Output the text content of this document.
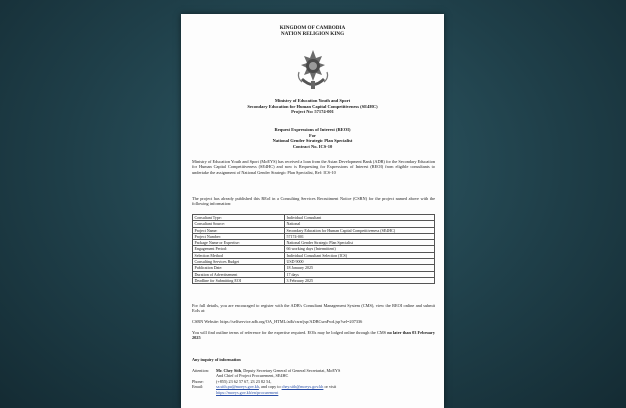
KINGDOM OF CAMBODIA
NATION RELIGION KING
Ministry of Education Youth and Sport
Secondary Education for Human Capital Competitiveness (SE4HC)
Project No: 57174-001
Request Expressions of Interest (REOI)
For
National Gender Strategic Plan Specialist
Contract No. ICS-10
Ministry of Education Youth and Sport (MoEYS) has received a loan from the Asian Development Bank (ADB) for the Secondary Education for Human Capital Competitiveness (SE4HC) and now is Requesting for Expressions of Interest (REOI) from eligible consultants to undertake the assignment of National Gender Strategic Plan Specialist, Ref: ICS-10
The project has already published this REoI in a Consulting Services Recruitment Notice (CSRN) for the project named above with the following information:
Consultant Type:	Individual Consultant
Consultant Source:	National
Project Name:	Secondary Education for Human Capital Competitiveness (SE4HC)
Project Number:	57174-001
Package Name or Expertise:	National Gender Strategic Plan Specialist
Engagement Period:	66 working days (Intermittent)
Selection Method	Individual Consultant Selection (ICS)
Consulting Services Budget	USD 9000
Publication Date:	18 January 2025
Duration of Advertisement	17 days
Deadline for Submitting EOI	3 February 2025
For full details, you are encouraged to register with the ADB's Consultant Management System (CMS), view the REOI online and submit EoIs at:
CSRN Website: https://selfservice.adb.org/OA_HTML/adb/csrn/jsp/ADBCsrnFwd.jsp?sel=207336
You will find outline terms of reference for the expertise required. EOIs may be lodged online through the CMS no later than 03 February 2025
Any inquiry of information
Attention:	Mr. Chey Sith, Deputy Secretary General of General Secretariat, MoEYS
And Chief of Project Procurement, SE4HC
Phone:	(+855) 23 62 57 67, 23 23 82 54,
Email:	sa.sith.pu@moeys.gov.kh, and copy to chey.sith@moeys.gov.kh or visit
https://moeys.gov.kh/en/procurement
